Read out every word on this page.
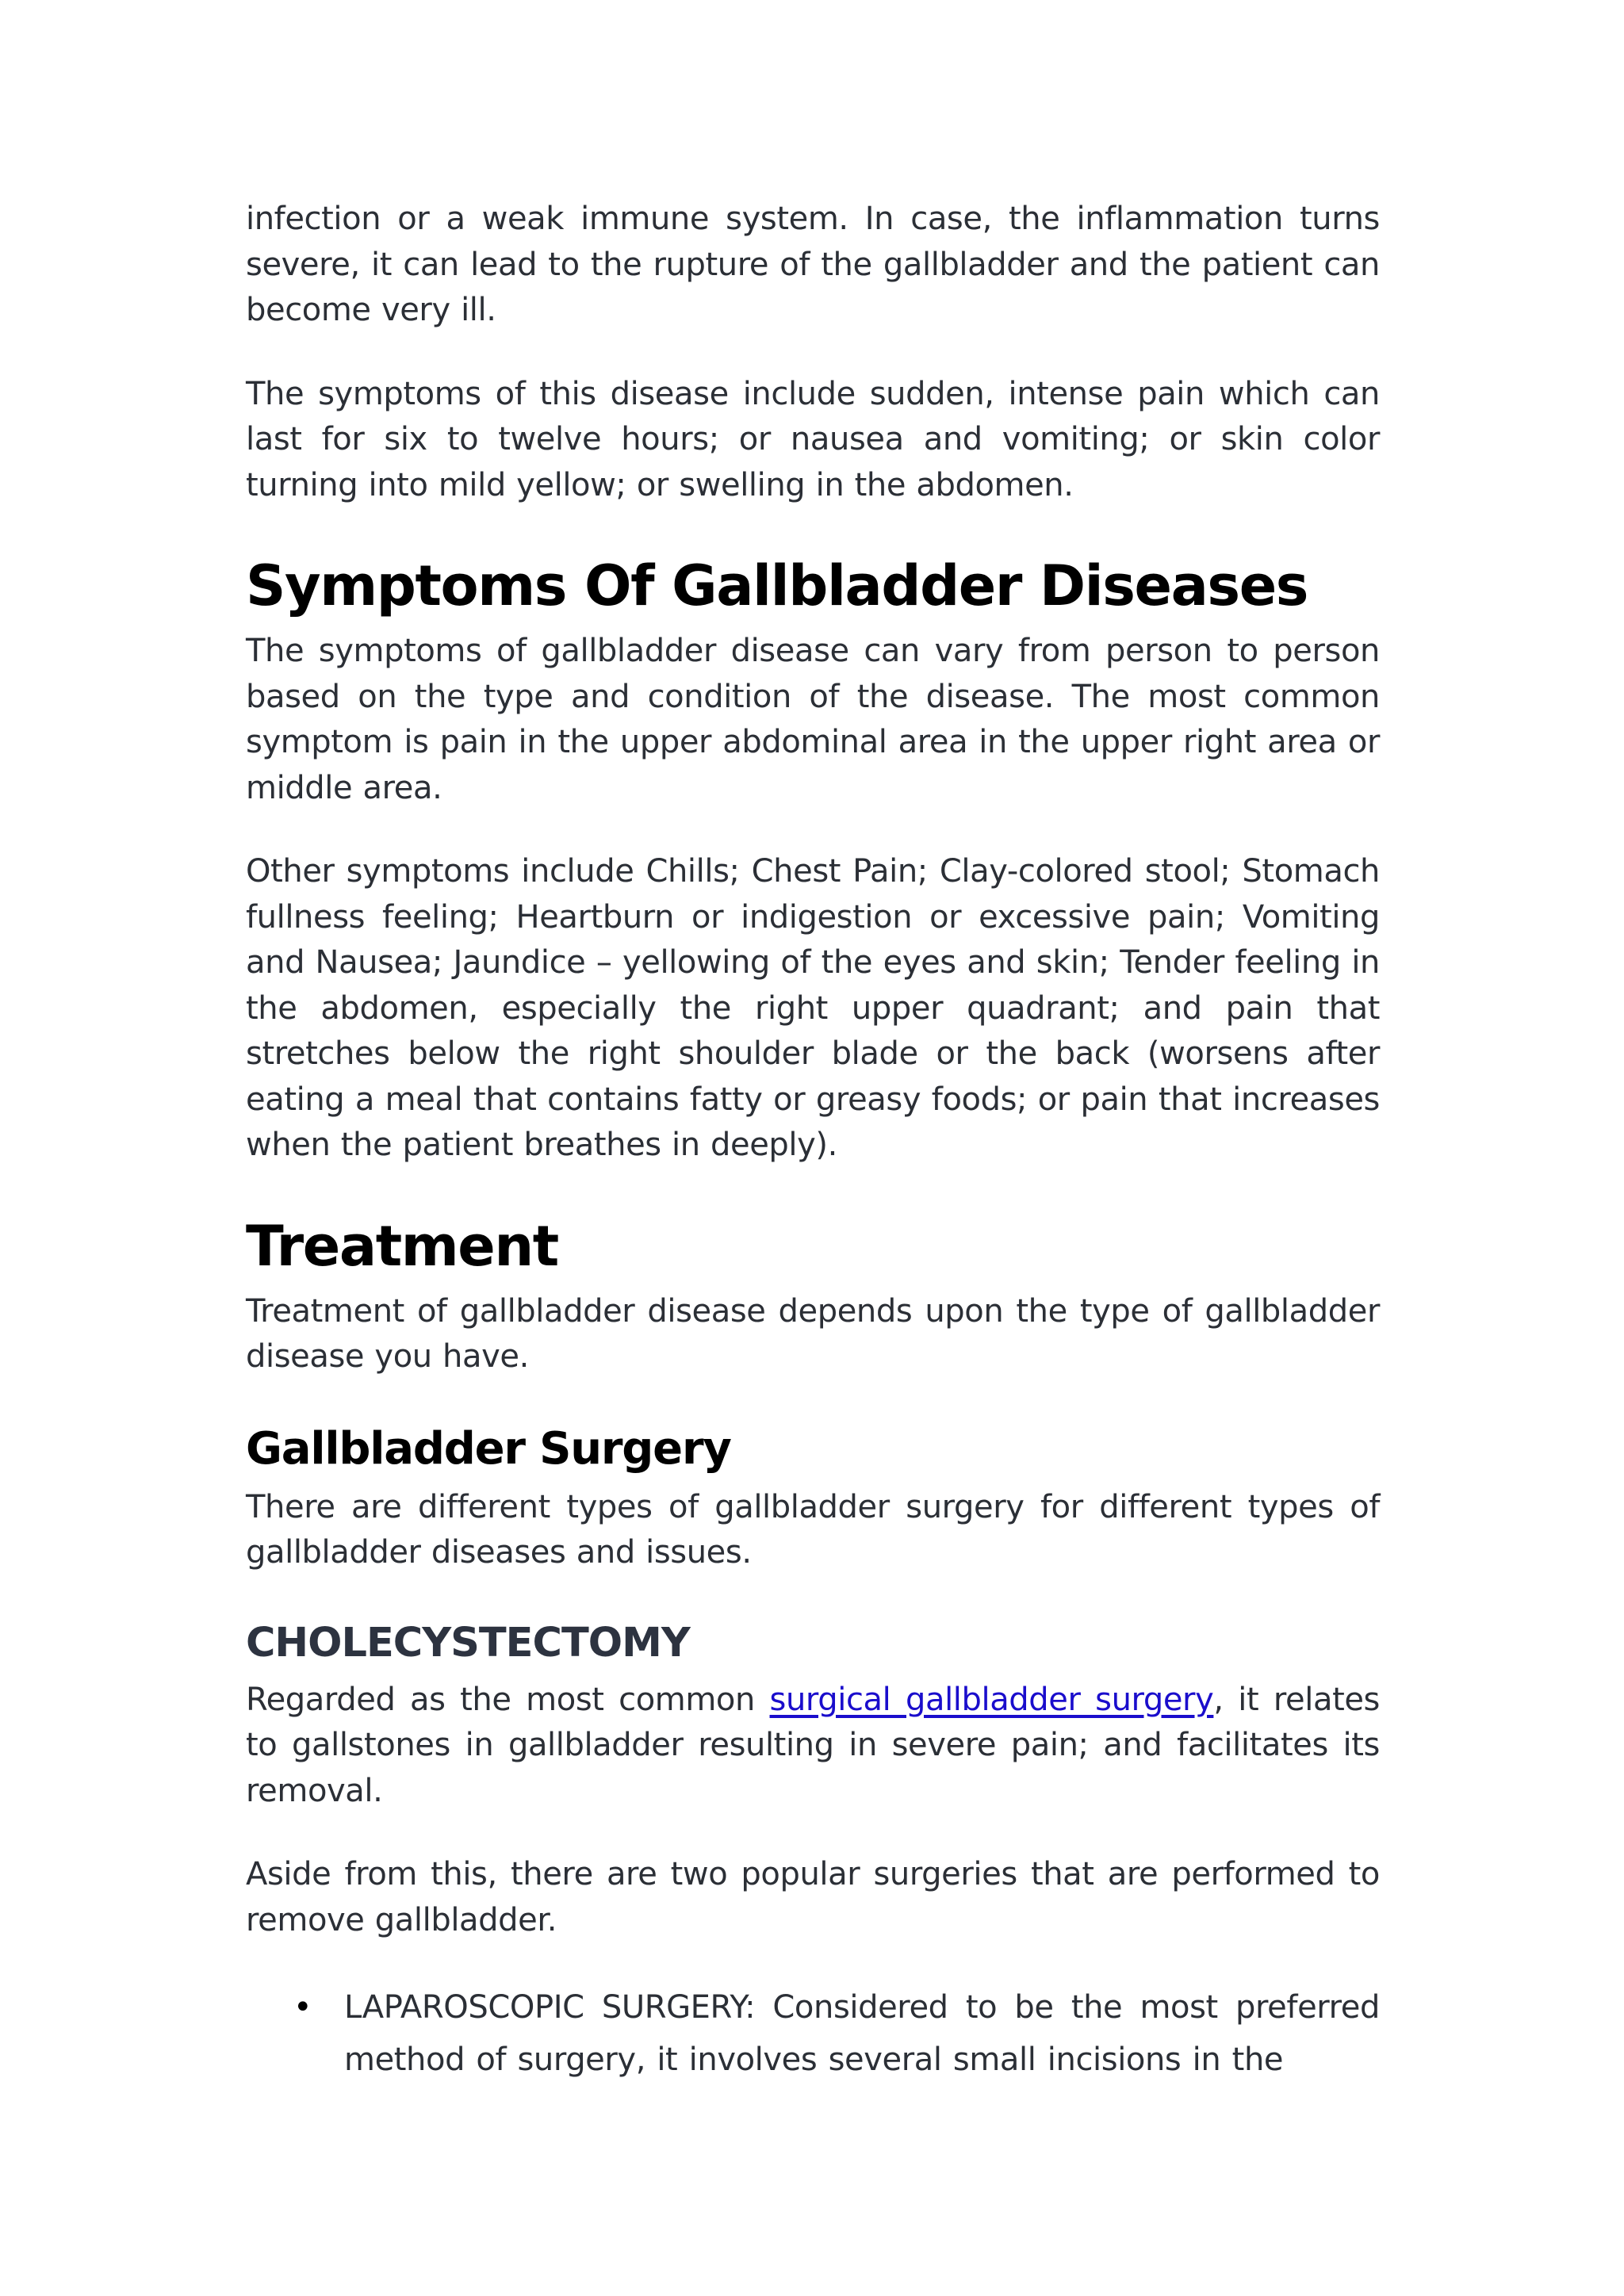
infection or a weak immune system. In case, the inflammation turns severe, it can lead to the rupture of the gallbladder and the patient can become very ill.

The symptoms of this disease include sudden, intense pain which can last for six to twelve hours; or nausea and vomiting; or skin color turning into mild yellow; or swelling in the abdomen.

Symptoms Of Gallbladder Diseases

The symptoms of gallbladder disease can vary from person to person based on the type and condition of the disease. The most common symptom is pain in the upper abdominal area in the upper right area or middle area.

Other symptoms include Chills; Chest Pain; Clay-colored stool; Stomach fullness feeling; Heartburn or indigestion or excessive pain; Vomiting and Nausea; Jaundice – yellowing of the eyes and skin; Tender feeling in the abdomen, especially the right upper quadrant; and pain that stretches below the right shoulder blade or the back (worsens after eating a meal that contains fatty or greasy foods; or pain that increases when the patient breathes in deeply).

Treatment

Treatment of gallbladder disease depends upon the type of gallbladder disease you have.

Gallbladder Surgery

There are different types of gallbladder surgery for different types of gallbladder diseases and issues.

CHOLECYSTECTOMY

Regarded as the most common surgical gallbladder surgery, it relates to gallstones in gallbladder resulting in severe pain; and facilitates its removal.

Aside from this, there are two popular surgeries that are performed to remove gallbladder.

• LAPAROSCOPIC SURGERY: Considered to be the most preferred method of surgery, it involves several small incisions in the
